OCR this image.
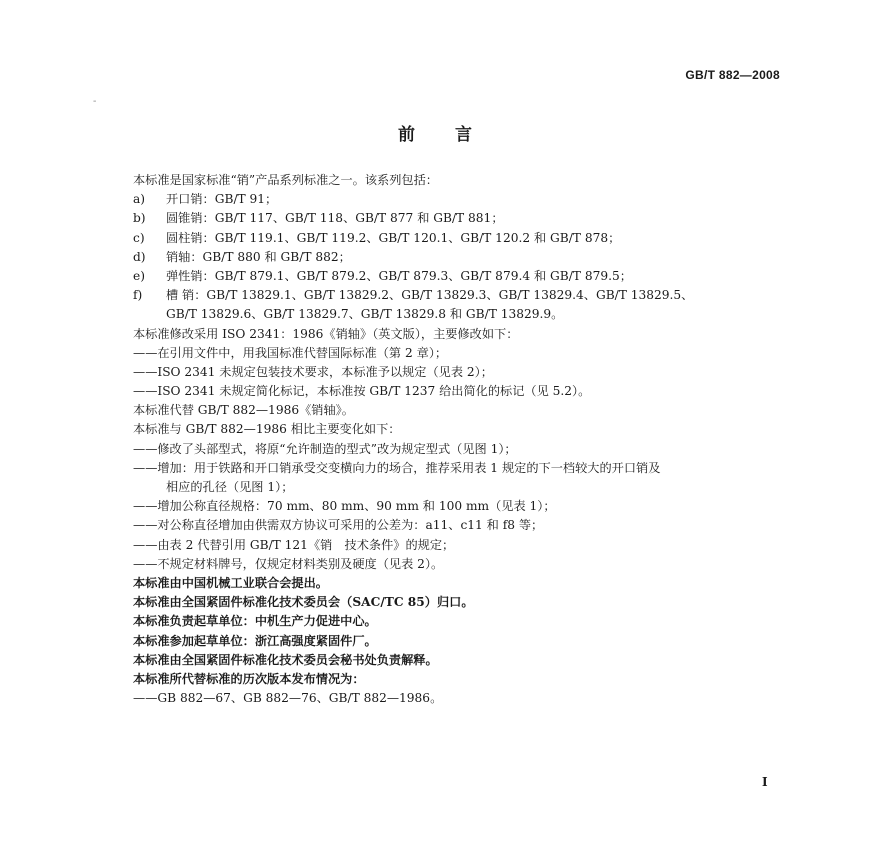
GB/T 882—2008
-
前言
本标准是国家标准“销”产品系列标准之一。该系列包括：
a) 开口销：GB/T 91；
b) 圆锥销：GB/T 117、GB/T 118、GB/T 877 和 GB/T 881；
c) 圆柱销：GB/T 119.1、GB/T 119.2、GB/T 120.1、GB/T 120.2 和 GB/T 878；
d) 销轴：GB/T 880 和 GB/T 882；
e) 弹性销：GB/T 879.1、GB/T 879.2、GB/T 879.3、GB/T 879.4 和 GB/T 879.5；
f) 槽 销：GB/T 13829.1、GB/T 13829.2、GB/T 13829.3、GB/T 13829.4、GB/T 13829.5、
GB/T 13829.6、GB/T 13829.7、GB/T 13829.8 和 GB/T 13829.9。
本标准修改采用 ISO 2341：1986《销轴》（英文版），主要修改如下：
——在引用文件中，用我国标准代替国际标准（第 2 章）；
——ISO 2341 未规定包装技术要求，本标准予以规定（见表 2）；
——ISO 2341 未规定简化标记，本标准按 GB/T 1237 给出简化的标记（见 5.2）。
本标准代替 GB/T 882—1986《销轴》。
本标准与 GB/T 882—1986 相比主要变化如下：
——修改了头部型式，将原“允许制造的型式”改为规定型式（见图 1）；
——增加：用于铁路和开口销承受交变横向力的场合，推荐采用表 1 规定的下一档较大的开口销及
相应的孔径（见图 1）；
——增加公称直径规格：70 mm、80 mm、90 mm 和 100 mm（见表 1）；
——对公称直径增加由供需双方协议可采用的公差为：a11、c11 和 f8 等；
——由表 2 代替引用 GB/T 121《销　技术条件》的规定；
——不规定材料牌号，仅规定材料类别及硬度（见表 2）。
本标准由中国机械工业联合会提出。
本标准由全国紧固件标准化技术委员会（SAC/TC 85）归口。
本标准负责起草单位：中机生产力促进中心。
本标准参加起草单位：浙江高强度紧固件厂。
本标准由全国紧固件标准化技术委员会秘书处负责解释。
本标准所代替标准的历次版本发布情况为：
——GB 882—67、GB 882—76、GB/T 882—1986。
I
